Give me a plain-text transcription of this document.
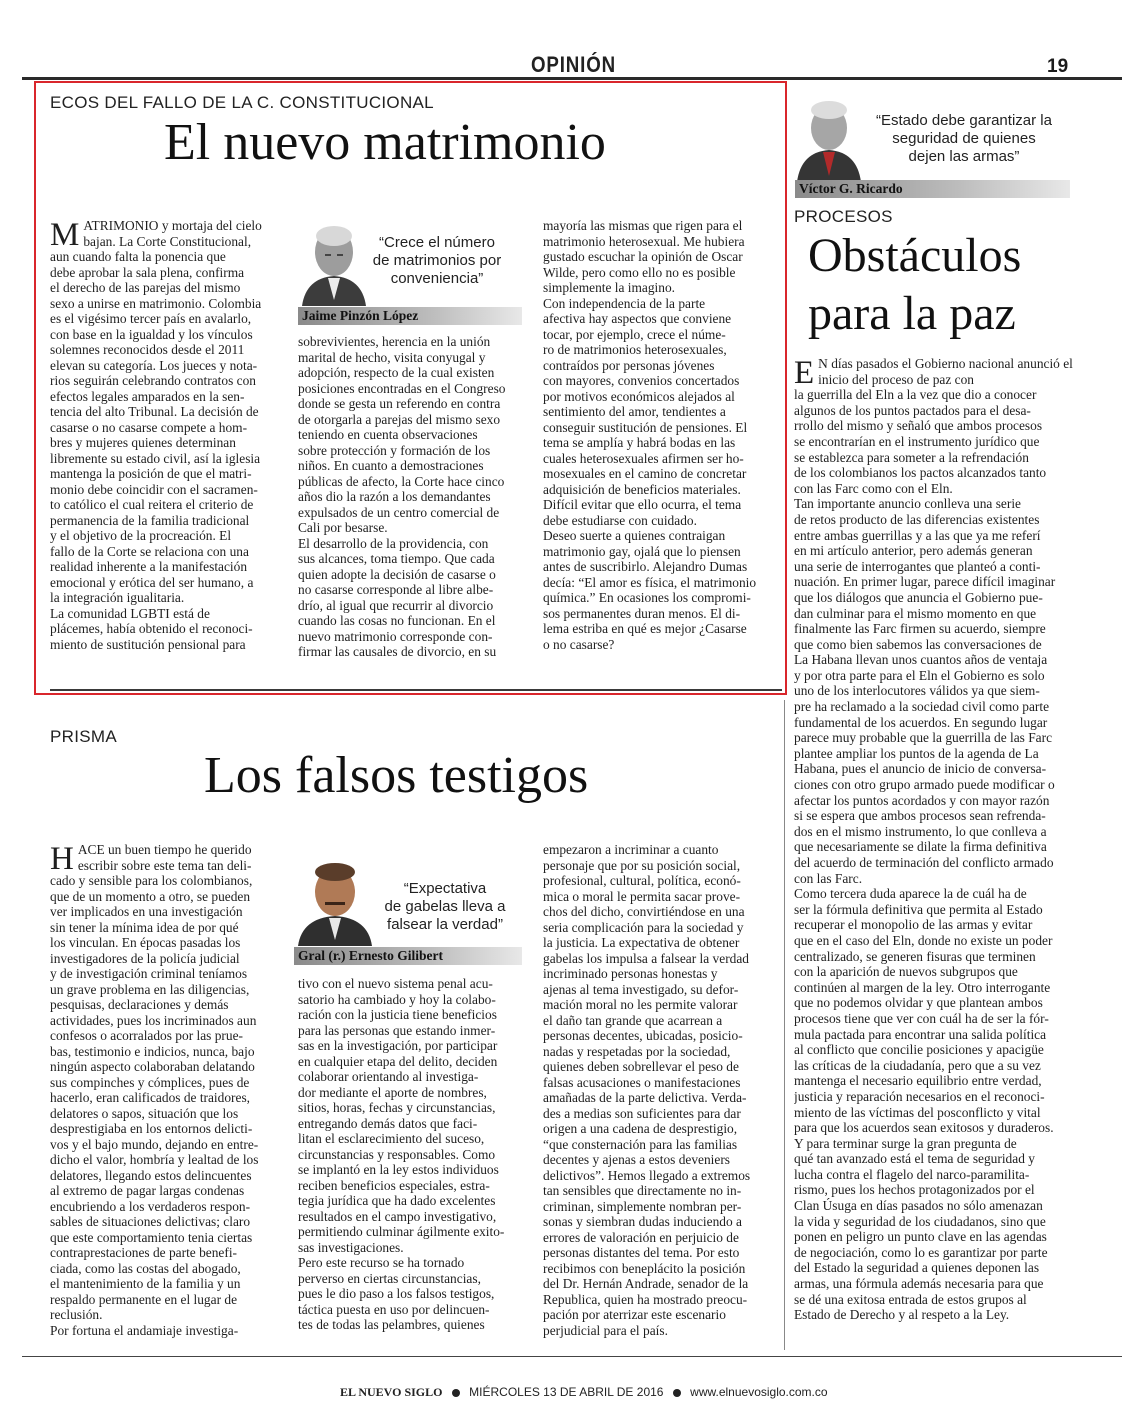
OPINIÓN	19
ECOS DEL FALLO DE LA C. CONSTITUCIONAL
El nuevo matrimonio
MATRIMONIO y mortaja del cielo bajan. La Corte Constitucional,
aun cuando falta la ponencia que
debe aprobar la sala plena, confirma
el derecho de las parejas del mismo
sexo a unirse en matrimonio. Colombia
es el vigésimo tercer país en avalarlo,
con base en la igualdad y los vínculos
solemnes reconocidos desde el 2011
elevan su categoría. Los jueces y nota-
rios seguirán celebrando contratos con
efectos legales amparados en la sen-
tencia del alto Tribunal. La decisión de
casarse o no casarse compete a hom-
bres y mujeres quienes determinan
libremente su estado civil, así la iglesia
mantenga la posición de que el matri-
monio debe coincidir con el sacramen-
to católico el cual reitera el criterio de
permanencia de la familia tradicional
y el objetivo de la procreación. El
fallo de la Corte se relaciona con una
realidad inherente a la manifestación
emocional y erótica del ser humano, a
la integración igualitaria.
La comunidad LGBTI está de
plácemes, había obtenido el reconoci-
miento de sustitución pensional para
“Crece el número
de matrimonios por
conveniencia”
Jaime Pinzón López
sobrevivientes, herencia en la unión
marital de hecho, visita conyugal y
adopción, respecto de la cual existen
posiciones encontradas en el Congreso
donde se gesta un referendo en contra
de otorgarla a parejas del mismo sexo
teniendo en cuenta observaciones
sobre protección y formación de los
niños. En cuanto a demostraciones
públicas de afecto, la Corte hace cinco
años dio la razón a los demandantes
expulsados de un centro comercial de
Cali por besarse.
El desarrollo de la providencia, con
sus alcances, toma tiempo. Que cada
quien adopte la decisión de casarse o
no casarse corresponde al libre albe-
drío, al igual que recurrir al divorcio
cuando las cosas no funcionan. En el
nuevo matrimonio corresponde con-
firmar las causales de divorcio, en su
mayoría las mismas que rigen para el
matrimonio heterosexual. Me hubiera
gustado escuchar la opinión de Oscar
Wilde, pero como ello no es posible
simplemente la imagino.
Con independencia de la parte
afectiva hay aspectos que conviene
tocar, por ejemplo, crece el núme-
ro de matrimonios heterosexuales,
contraídos por personas jóvenes
con mayores, convenios concertados
por motivos económicos alejados al
sentimiento del amor, tendientes a
conseguir sustitución de pensiones. El
tema se amplía y habrá bodas en las
cuales heterosexuales afirmen ser ho-
mosexuales en el camino de concretar
adquisición de beneficios materiales.
Difícil evitar que ello ocurra, el tema
debe estudiarse con cuidado.
Deseo suerte a quienes contraigan
matrimonio gay, ojalá que lo piensen
antes de suscribirlo. Alejandro Dumas
decía: “El amor es física, el matrimonio
química.” En ocasiones los compromi-
sos permanentes duran menos. El di-
lema estriba en qué es mejor ¿Casarse
o no casarse?
“Estado debe garantizar la
seguridad de quienes
dejen las armas”
Víctor G. Ricardo
PROCESOS
Obstáculos
para la paz
E N días pasados el Gobierno nacional anunció el inicio del proceso de paz con
la guerrilla del Eln a la vez que dio a conocer
algunos de los puntos pactados para el desa-
rrollo del mismo y señaló que ambos procesos
se encontrarían en el instrumento jurídico que
se establezca para someter a la refrendación
de los colombianos los pactos alcanzados tanto
con las Farc como con el Eln.
Tan importante anuncio conlleva una serie
de retos producto de las diferencias existentes
entre ambas guerrillas y a las que ya me referí
en mi artículo anterior, pero además generan
una serie de interrogantes que planteó a conti-
nuación. En primer lugar, parece difícil imaginar
que los diálogos que anuncia el Gobierno pue-
dan culminar para el mismo momento en que
finalmente las Farc firmen su acuerdo, siempre
que como bien sabemos las conversaciones de
La Habana llevan unos cuantos años de ventaja
y por otra parte para el Eln el Gobierno es solo
uno de los interlocutores válidos ya que siem-
pre ha reclamado a la sociedad civil como parte
fundamental de los acuerdos. En segundo lugar
parece muy probable que la guerrilla de las Farc
plantee ampliar los puntos de la agenda de La
Habana, pues el anuncio de inicio de conversa-
ciones con otro grupo armado puede modificar o
afectar los puntos acordados y con mayor razón
si se espera que ambos procesos sean refrenda-
dos en el mismo instrumento, lo que conlleva a
que necesariamente se dilate la firma definitiva
del acuerdo de terminación del conflicto armado
con las Farc.
Como tercera duda aparece la de cuál ha de
ser la fórmula definitiva que permita al Estado
recuperar el monopolio de las armas y evitar
que en el caso del Eln, donde no existe un poder
centralizado, se generen fisuras que terminen
con la aparición de nuevos subgrupos que
continúen al margen de la ley. Otro interrogante
que no podemos olvidar y que plantean ambos
procesos tiene que ver con cuál ha de ser la fór-
mula pactada para encontrar una salida política
al conflicto que concilie posiciones y apacigüe
las críticas de la ciudadanía, pero que a su vez
mantenga el necesario equilibrio entre verdad,
justicia y reparación necesarios en el reconoci-
miento de las víctimas del posconflicto y vital
para que los acuerdos sean exitosos y duraderos.
Y para terminar surge la gran pregunta de
qué tan avanzado está el tema de seguridad y
lucha contra el flagelo del narco-paramilita-
rismo, pues los hechos protagonizados por el
Clan Úsuga en días pasados no sólo amenazan
la vida y seguridad de los ciudadanos, sino que
ponen en peligro un punto clave en las agendas
de negociación, como lo es garantizar por parte
del Estado la seguridad a quienes deponen las
armas, una fórmula además necesaria para que
se dé una exitosa entrada de estos grupos al
Estado de Derecho y al respeto a la Ley.
PRISMA
Los falsos testigos
HACE un buen tiempo he querido escribir sobre este tema tan deli-
cado y sensible para los colombianos,
que de un momento a otro, se pueden
ver implicados en una investigación
sin tener la mínima idea de por qué
los vinculan. En épocas pasadas los
investigadores de la policía judicial
y de investigación criminal teníamos
un grave problema en las diligencias,
pesquisas, declaraciones y demás
actividades, pues los incriminados aun
confesos o acorralados por las prue-
bas, testimonio e indicios, nunca, bajo
ningún aspecto colaboraban delatando
sus compinches y cómplices, pues de
hacerlo, eran calificados de traidores,
delatores o sapos, situación que los
desprestigiaba en los entornos delicti-
vos y el bajo mundo, dejando en entre-
dicho el valor, hombría y lealtad de los
delatores, llegando estos delincuentes
al extremo de pagar largas condenas
encubriendo a los verdaderos respon-
sables de situaciones delictivas; claro
que este comportamiento tenia ciertas
contraprestaciones de parte benefi-
ciada, como las costas del abogado,
el mantenimiento de la familia y un
respaldo permanente en el lugar de
reclusión.
Por fortuna el andamiaje investiga-
“Expectativa
de gabelas lleva a
falsear la verdad”
Gral (r.) Ernesto Gilibert
tivo con el nuevo sistema penal acu-
satorio ha cambiado y hoy la colabo-
ración con la justicia tiene beneficios
para las personas que estando inmer-
sas en la investigación, por participar
en cualquier etapa del delito, deciden
colaborar orientando al investiga-
dor mediante el aporte de nombres,
sitios, horas, fechas y circunstancias,
entregando demás datos que faci-
litan el esclarecimiento del suceso,
circunstancias y responsables. Como
se implantó en la ley estos individuos
reciben beneficios especiales, estra-
tegia jurídica que ha dado excelentes
resultados en el campo investigativo,
permitiendo culminar ágilmente exito-
sas investigaciones.
Pero este recurso se ha tornado
perverso en ciertas circunstancias,
pues le dio paso a los falsos testigos,
táctica puesta en uso por delincuen-
tes de todas las pelambres, quienes
empezaron a incriminar a cuanto
personaje que por su posición social,
profesional, cultural, política, econó-
mica o moral le permita sacar prove-
chos del dicho, convirtiéndose en una
seria complicación para la sociedad y
la justicia. La expectativa de obtener
gabelas los impulsa a falsear la verdad
incriminado personas honestas y
ajenas al tema investigado, su defor-
mación moral no les permite valorar
el daño tan grande que acarrean a
personas decentes, ubicadas, posicio-
nadas y respetadas por la sociedad,
quienes deben sobrellevar el peso de
falsas acusaciones o manifestaciones
amañadas de la parte delictiva. Verda-
des a medias son suficientes para dar
origen a una cadena de desprestigio,
“que consternación para las familias
decentes y ajenas a estos deveniers
delictivos”. Hemos llegado a extremos
tan sensibles que directamente no in-
criminan, simplemente nombran per-
sonas y siembran dudas induciendo a
errores de valoración en perjuicio de
personas distantes del tema. Por esto
recibimos con beneplácito la posición
del Dr. Hernán Andrade, senador de la
Republica, quien ha mostrado preocu-
pación por aterrizar este escenario
perjudicial para el país.
EL NUEVO SIGLO MIÉRCOLES 13 DE ABRIL DE 2016 www.elnuevosiglo.com.co
